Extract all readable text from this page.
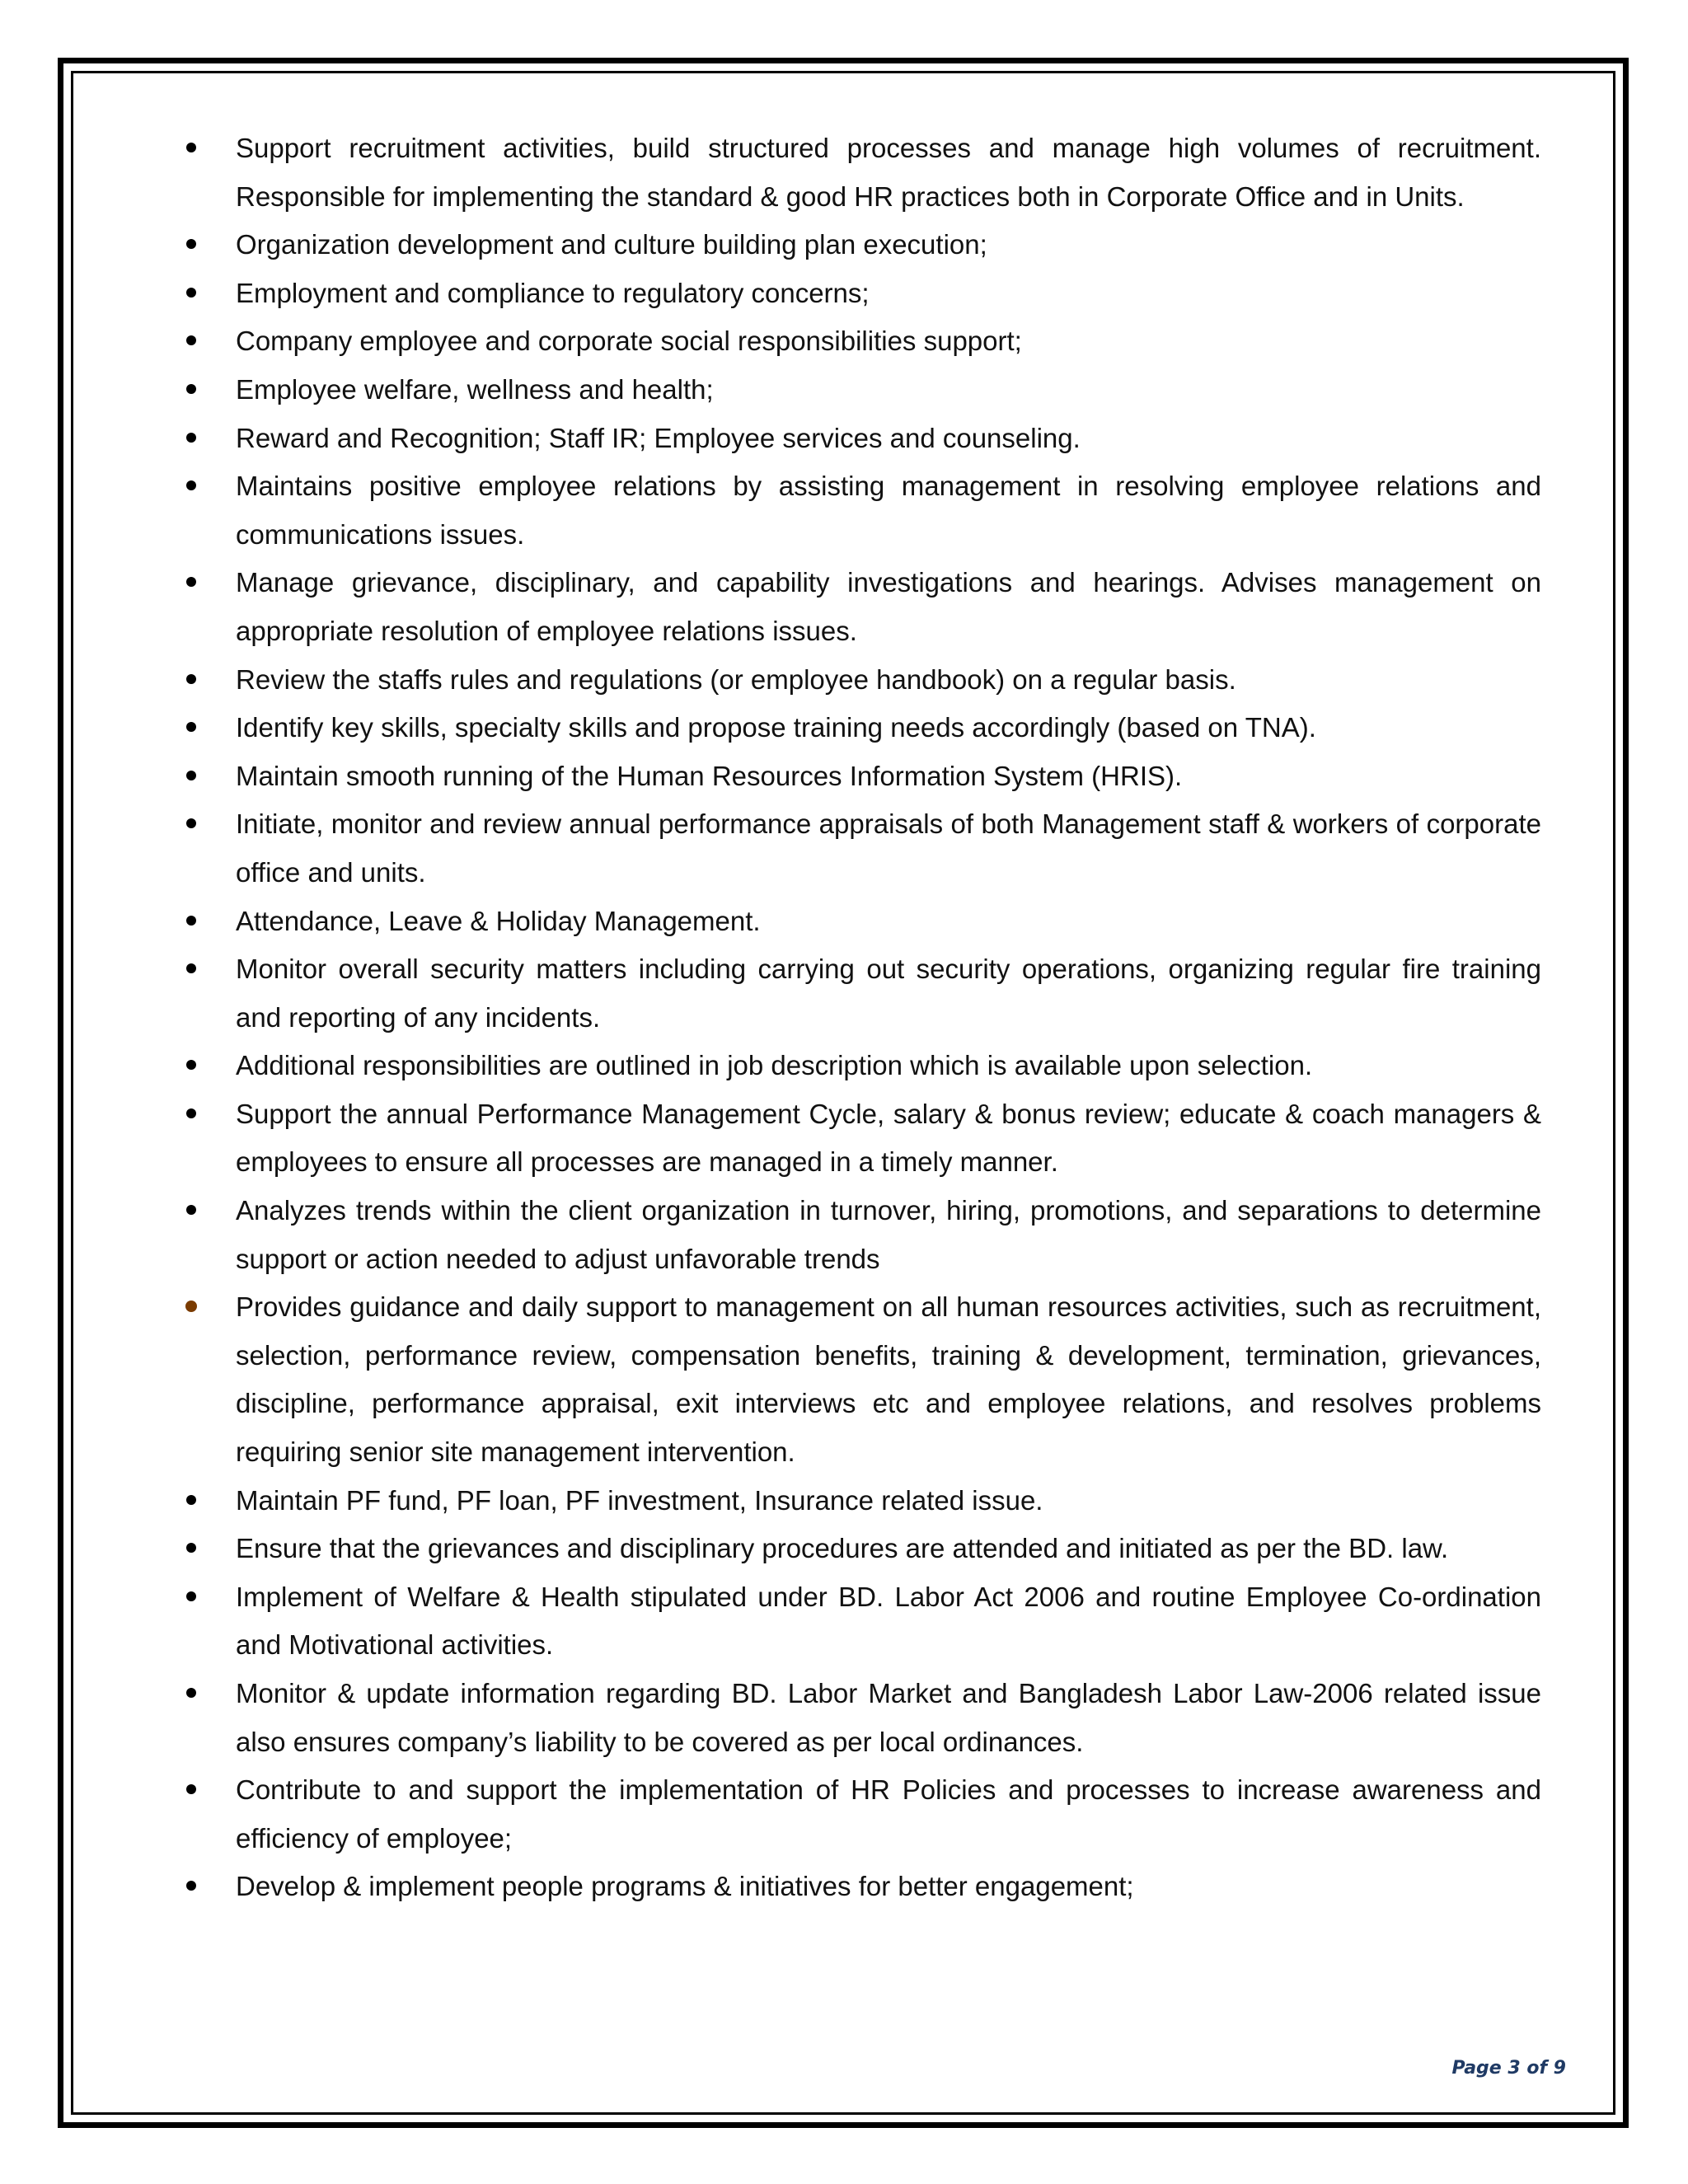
Support recruitment activities, build structured processes and manage high volumes of recruitment. Responsible for implementing the standard & good HR practices both in Corporate Office and in Units.
Organization development and culture building plan execution;
Employment and compliance to regulatory concerns;
Company employee and corporate social responsibilities support;
Employee welfare, wellness and health;
Reward and Recognition; Staff IR; Employee services and counseling.
Maintains positive employee relations by assisting management in resolving employee relations and communications issues.
Manage grievance, disciplinary, and capability investigations and hearings. Advises management on appropriate resolution of employee relations issues.
Review the staffs rules and regulations (or employee handbook) on a regular basis.
Identify key skills, specialty skills and propose training needs accordingly (based on TNA).
Maintain smooth running of the Human Resources Information System (HRIS).
Initiate, monitor and review annual performance appraisals of both Management staff & workers of corporate office and units.
Attendance, Leave & Holiday Management.
Monitor overall security matters including carrying out security operations, organizing regular fire training and reporting of any incidents.
Additional responsibilities are outlined in job description which is available upon selection.
Support the annual Performance Management Cycle, salary & bonus review; educate & coach managers & employees to ensure all processes are managed in a timely manner.
Analyzes trends within the client organization in turnover, hiring, promotions, and separations to determine support or action needed to adjust unfavorable trends
Provides guidance and daily support to management on all human resources activities, such as recruitment, selection, performance review, compensation benefits, training & development, termination, grievances, discipline, performance appraisal, exit interviews etc and employee relations, and resolves problems requiring senior site management intervention.
Maintain PF fund, PF loan, PF investment, Insurance related issue.
Ensure that the grievances and disciplinary procedures are attended and initiated as per the BD. law.
Implement of Welfare & Health stipulated under BD. Labor Act 2006 and routine Employee Co-ordination and Motivational activities.
Monitor & update information regarding BD. Labor Market and Bangladesh Labor Law-2006 related issue also ensures company’s liability to be covered as per local ordinances.
Contribute to and support the implementation of HR Policies and processes to increase awareness and efficiency of employee;
Develop & implement people programs & initiatives for better engagement;
Page 3 of 9
